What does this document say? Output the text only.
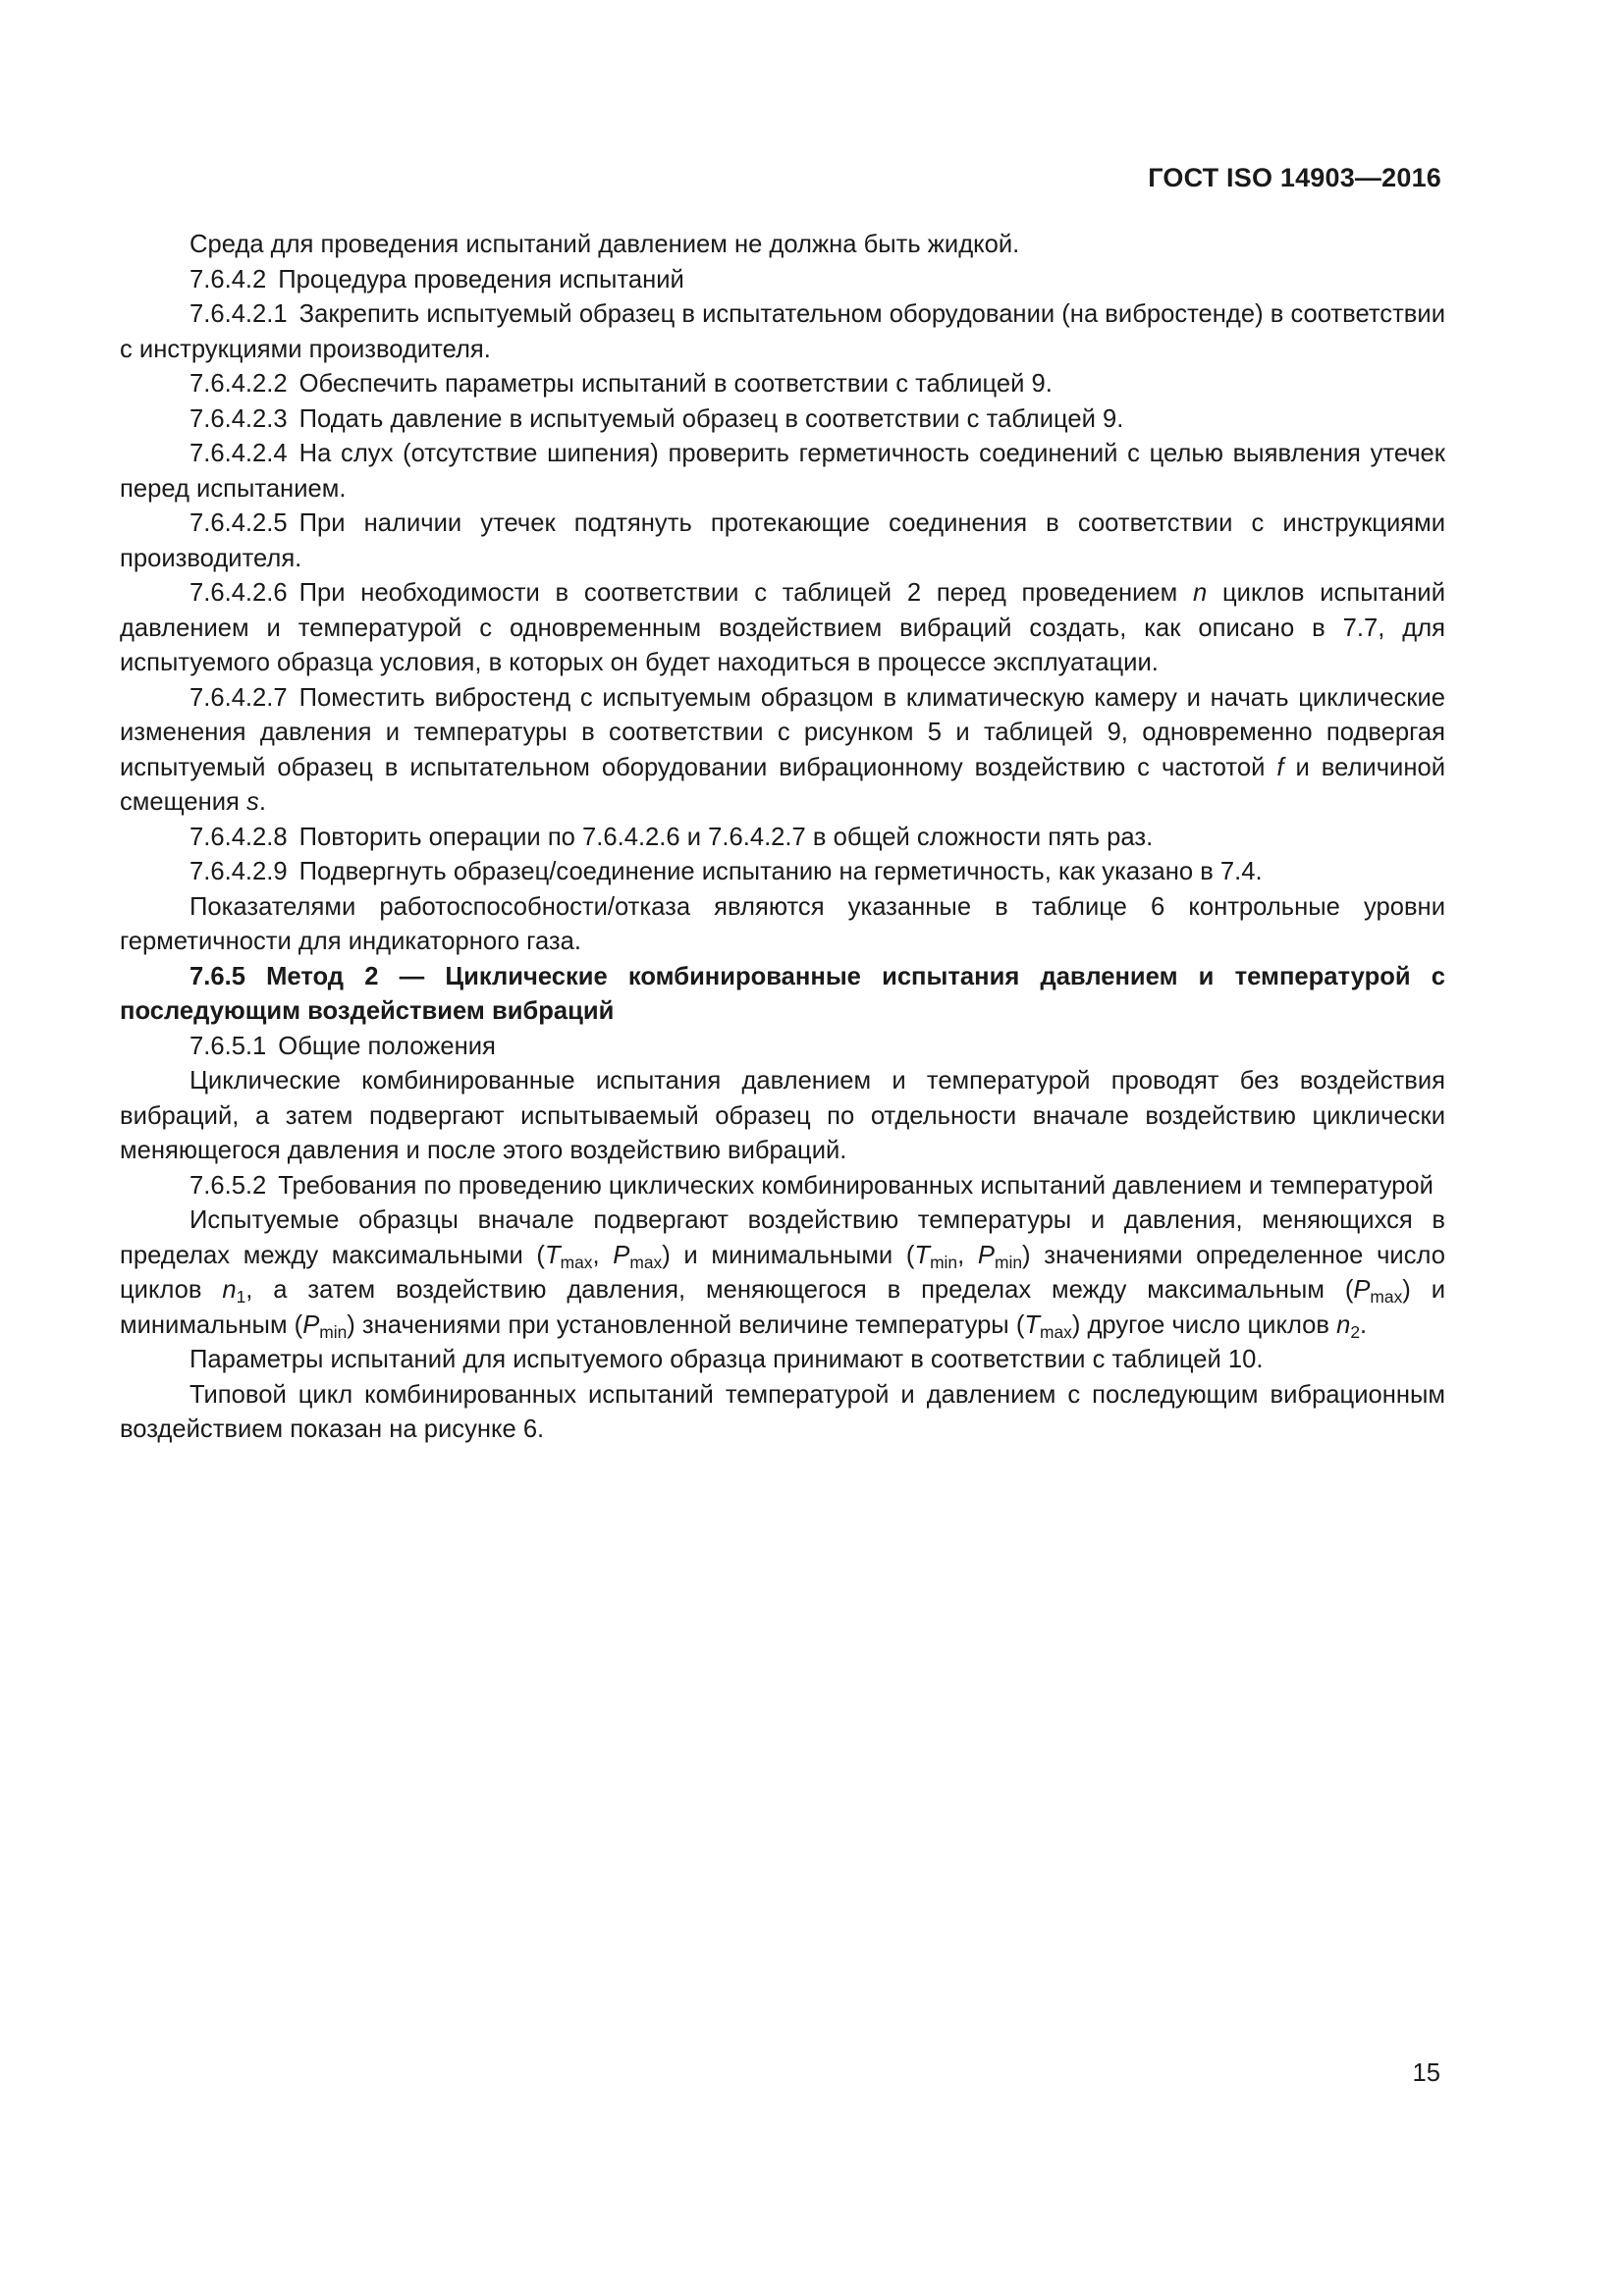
ГОСТ ISO 14903—2016

Среда для проведения испытаний давлением не должна быть жидкой.

7.6.4.2 Процедура проведения испытаний

7.6.4.2.1 Закрепить испытуемый образец в испытательном оборудовании (на вибростенде) в соответствии с инструкциями производителя.

7.6.4.2.2 Обеспечить параметры испытаний в соответствии с таблицей 9.

7.6.4.2.3 Подать давление в испытуемый образец в соответствии с таблицей 9.

7.6.4.2.4 На слух (отсутствие шипения) проверить герметичность соединений с целью выявления утечек перед испытанием.

7.6.4.2.5 При наличии утечек подтянуть протекающие соединения в соответствии с инструкциями производителя.

7.6.4.2.6 При необходимости в соответствии с таблицей 2 перед проведением n циклов испытаний давлением и температурой с одновременным воздействием вибраций создать, как описано в 7.7, для испытуемого образца условия, в которых он будет находиться в процессе эксплуатации.

7.6.4.2.7 Поместить вибростенд с испытуемым образцом в климатическую камеру и начать циклические изменения давления и температуры в соответствии с рисунком 5 и таблицей 9, одновременно подвергая испытуемый образец в испытательном оборудовании вибрационному воздействию с частотой f и величиной смещения s.

7.6.4.2.8 Повторить операции по 7.6.4.2.6 и 7.6.4.2.7 в общей сложности пять раз.

7.6.4.2.9 Подвергнуть образец/соединение испытанию на герметичность, как указано в 7.4.

Показателями работоспособности/отказа являются указанные в таблице 6 контрольные уровни герметичности для индикаторного газа.

7.6.5 Метод 2 — Циклические комбинированные испытания давлением и температурой с последующим воздействием вибраций

7.6.5.1 Общие положения

Циклические комбинированные испытания давлением и температурой проводят без воздействия вибраций, а затем подвергают испытываемый образец по отдельности вначале воздействию циклически меняющегося давления и после этого воздействию вибраций.

7.6.5.2 Требования по проведению циклических комбинированных испытаний давлением и температурой

Испытуемые образцы вначале подвергают воздействию температуры и давления, меняющихся в пределах между максимальными (Tmax, Pmax) и минимальными (Tmin, Pmin) значениями определенное число циклов n1, а затем воздействию давления, меняющегося в пределах между максимальным (Pmax) и минимальным (Pmin) значениями при установленной величине температуры (Tmax) другое число циклов n2.

Параметры испытаний для испытуемого образца принимают в соответствии с таблицей 10.

Типовой цикл комбинированных испытаний температурой и давлением с последующим вибрационным воздействием показан на рисунке 6.

15
